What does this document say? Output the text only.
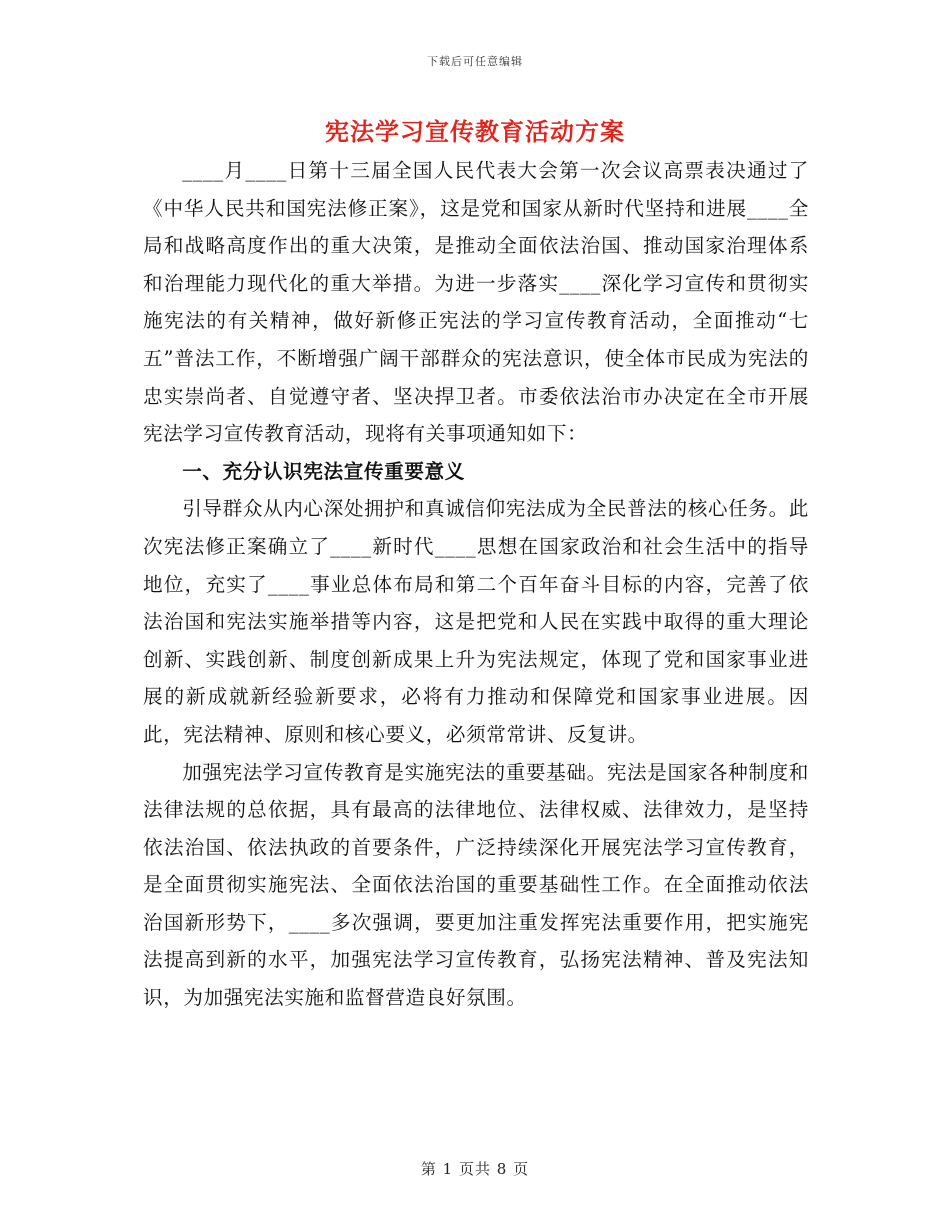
下载后可任意编辑
宪法学习宣传教育活动方案

____月____日第十三届全国人民代表大会第一次会议高票表决通过了《中华人民共和国宪法修正案》，这是党和国家从新时代坚持和进展____全局和战略高度作出的重大决策，是推动全面依法治国、推动国家治理体系和治理能力现代化的重大举措。为进一步落实____深化学习宣传和贯彻实施宪法的有关精神，做好新修正宪法的学习宣传教育活动，全面推动“七五”普法工作，不断增强广阔干部群众的宪法意识，使全体市民成为宪法的忠实崇尚者、自觉遵守者、坚决捍卫者。市委依法治市办决定在全市开展宪法学习宣传教育活动，现将有关事项通知如下：

一、充分认识宪法宣传重要意义

引导群众从内心深处拥护和真诚信仰宪法成为全民普法的核心任务。此次宪法修正案确立了____新时代____思想在国家政治和社会生活中的指导地位，充实了____事业总体布局和第二个百年奋斗目标的内容，完善了依法治国和宪法实施举措等内容，这是把党和人民在实践中取得的重大理论创新、实践创新、制度创新成果上升为宪法规定，体现了党和国家事业进展的新成就新经验新要求，必将有力推动和保障党和国家事业进展。因此，宪法精神、原则和核心要义，必须常常讲、反复讲。

加强宪法学习宣传教育是实施宪法的重要基础。宪法是国家各种制度和法律法规的总依据，具有最高的法律地位、法律权威、法律效力，是坚持依法治国、依法执政的首要条件，广泛持续深化开展宪法学习宣传教育，是全面贯彻实施宪法、全面依法治国的重要基础性工作。在全面推动依法治国新形势下，____多次强调，要更加注重发挥宪法重要作用，把实施宪法提高到新的水平，加强宪法学习宣传教育，弘扬宪法精神、普及宪法知识，为加强宪法实施和监督营造良好氛围。

第 1 页共 8 页
